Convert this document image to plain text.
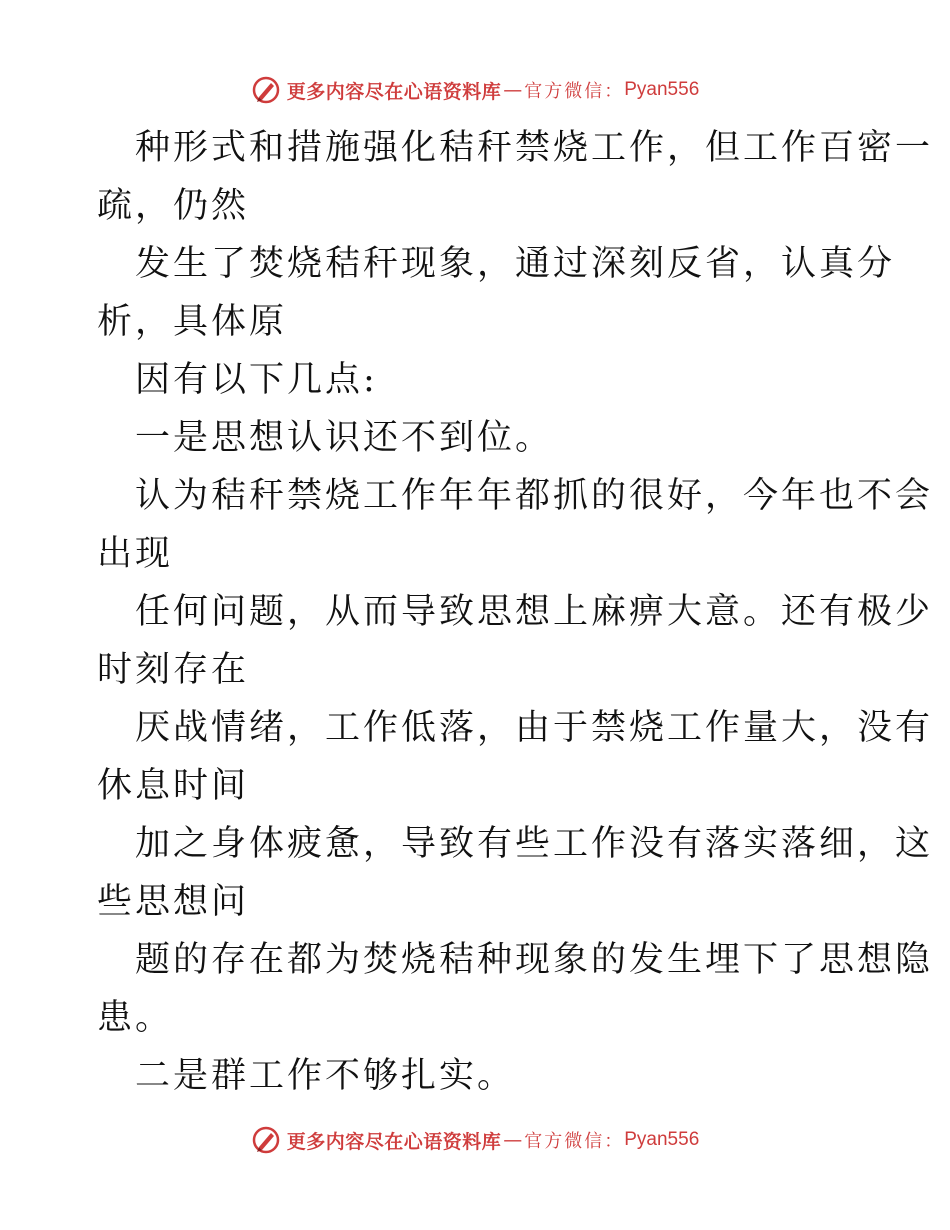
更多内容尽在心语资料库 — 官方微信： Pyan556
种形式和措施强化秸秆禁烧工作，但工作百密一
疏，仍然
发生了焚烧秸秆现象，通过深刻反省，认真分
析，具体原
因有以下几点:
一是思想认识还不到位。
认为秸秆禁烧工作年年都抓的很好，今年也不会
出现
任何问题，从而导致思想上麻痹大意。还有极少
时刻存在
厌战情绪，工作低落，由于禁烧工作量大，没有
休息时间
加之身体疲惫，导致有些工作没有落实落细，这
些思想问
题的存在都为焚烧秸种现象的发生埋下了思想隐
患。
二是群工作不够扎实。
更多内容尽在心语资料库 — 官方微信： Pyan556
